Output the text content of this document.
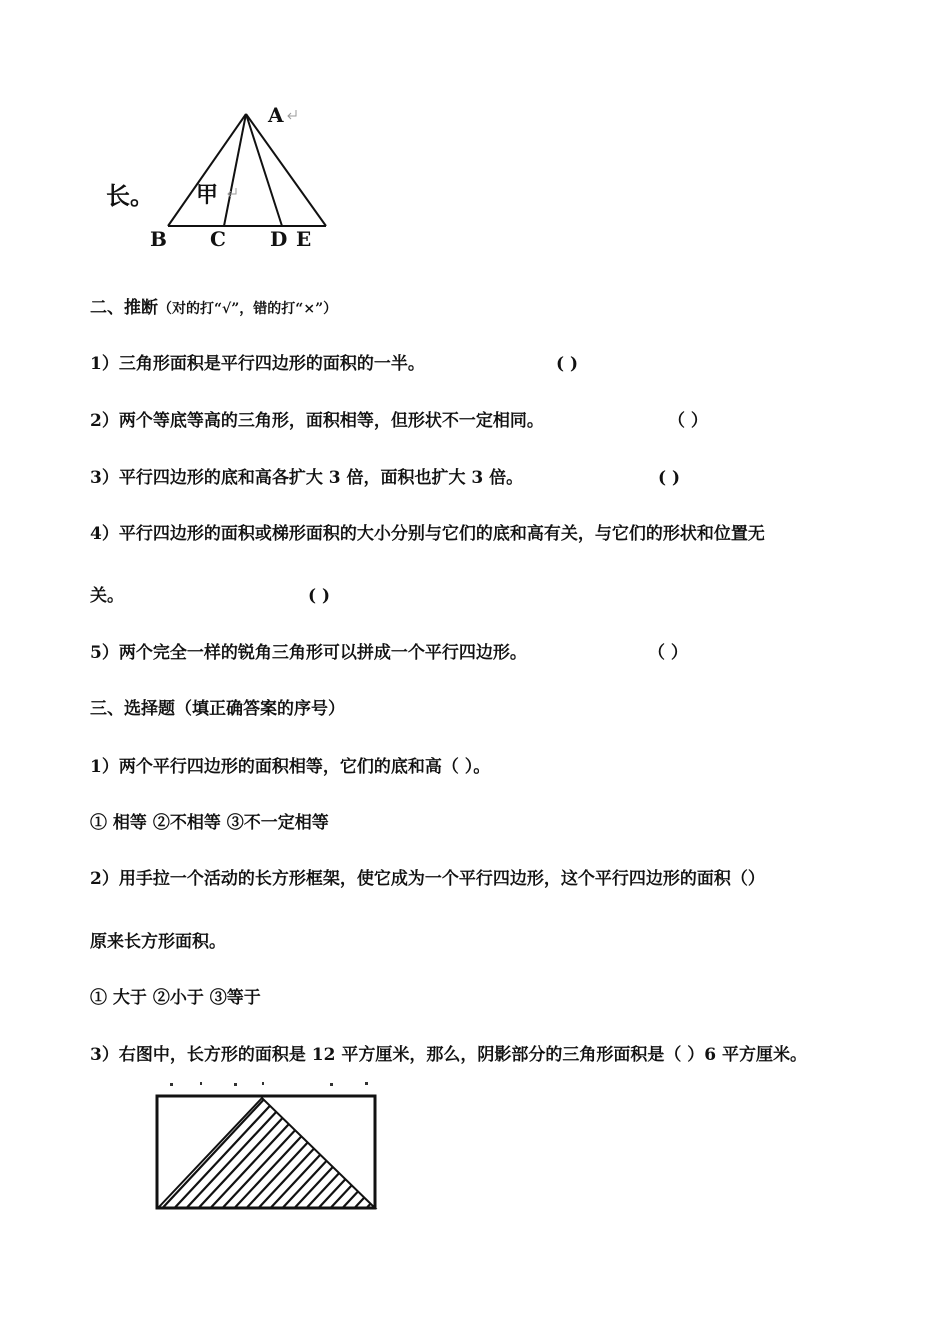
A
B C D E
甲
长。
二、推断（对的打“√”，错的打“×”）
1）三角形面积是平行四边形的面积的一半。	( )
2）两个等底等高的三角形，面积相等，但形状不一定相同。	（ ）
3）平行四边形的底和高各扩大 3 倍，面积也扩大 3 倍。	( )
4）平行四边形的面积或梯形面积的大小分别与它们的底和高有关，与它们的形状和位置无
关。	( )
5）两个完全一样的锐角三角形可以拼成一个平行四边形。	（ ）
三、选择题（填正确答案的序号）
1）两个平行四边形的面积相等，它们的底和高（ ）。
① 相等 ②不相等 ③不一定相等
2）用手拉一个活动的长方形框架，使它成为一个平行四边形，这个平行四边形的面积（）
原来长方形面积。
① 大于 ②小于 ③等于
3）右图中，长方形的面积是 12 平方厘米，那么，阴影部分的三角形面积是（ ）6 平方厘米。
